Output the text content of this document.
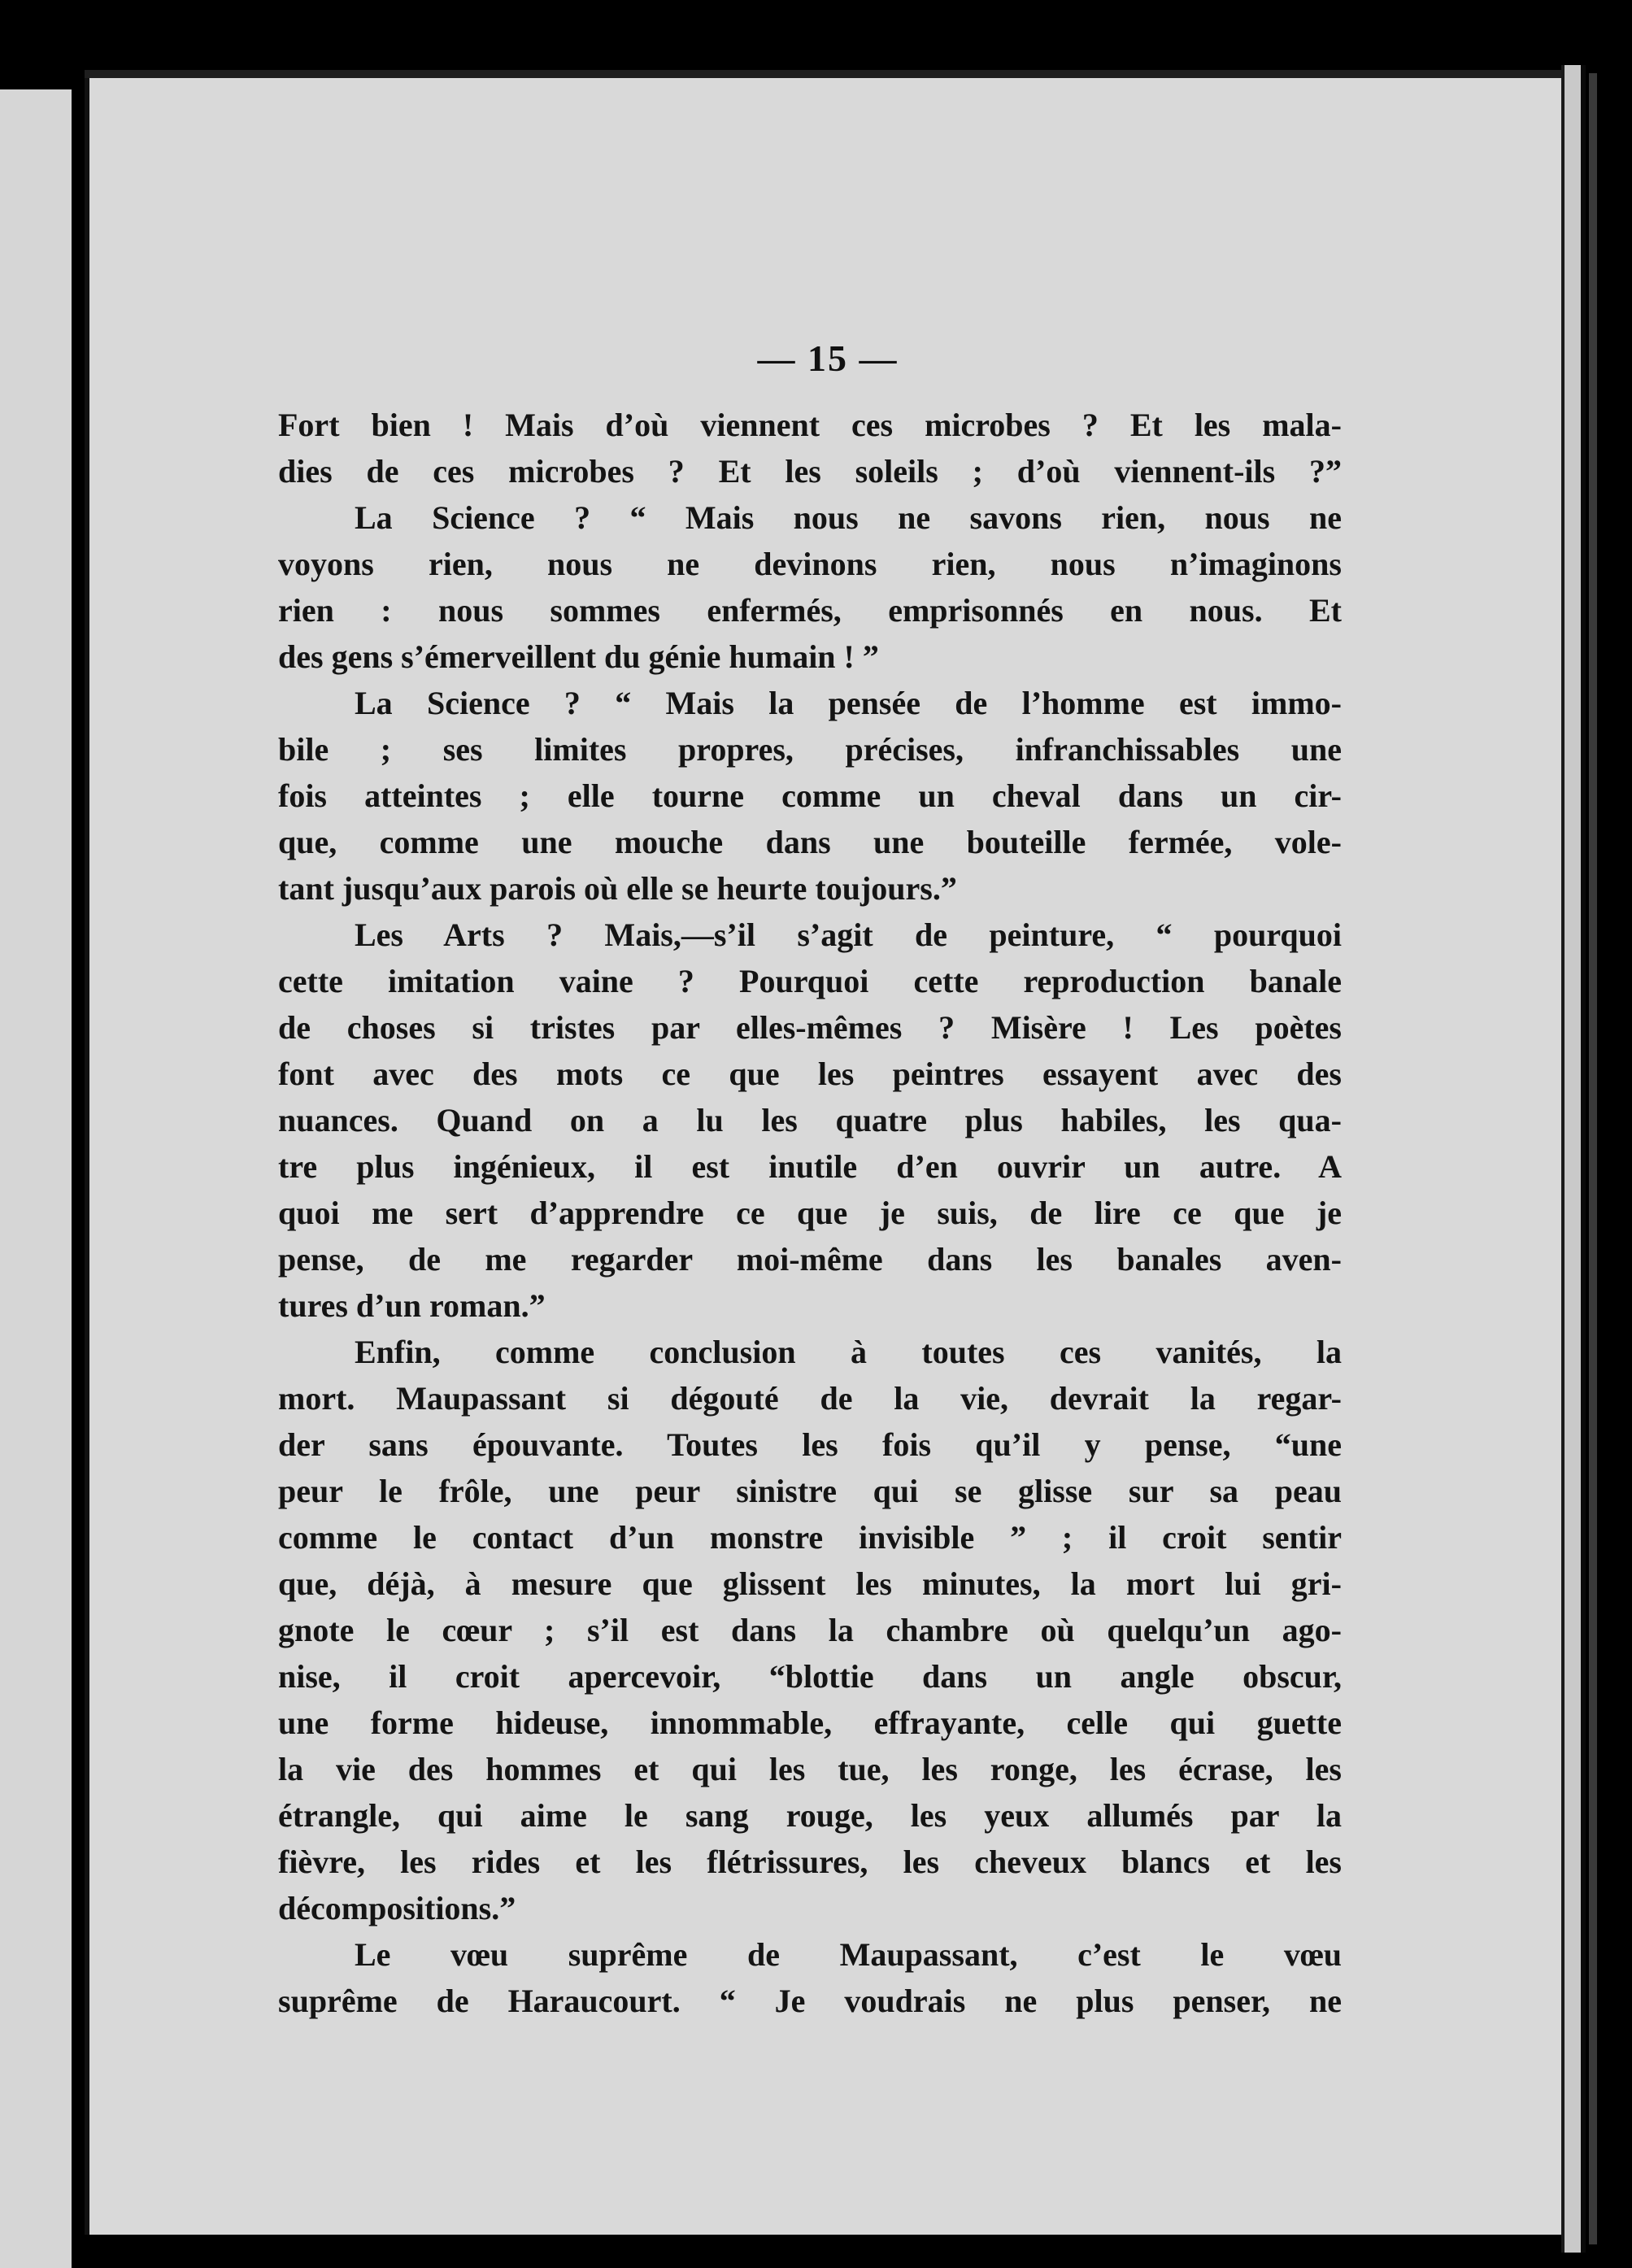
— 15 —
Fort bien ! Mais d’où viennent ces microbes ? Et les mala-
dies de ces microbes ? Et les soleils ; d’où viennent-ils ?”
La Science ? “ Mais nous ne savons rien, nous ne
voyons rien, nous ne devinons rien, nous n’imaginons
rien : nous sommes enfermés, emprisonnés en nous. Et
des gens s’émerveillent du génie humain ! ”
La Science ? “ Mais la pensée de l’homme est immo-
bile ; ses limites propres, précises, infranchissables une
fois atteintes ; elle tourne comme un cheval dans un cir-
que, comme une mouche dans une bouteille fermée, vole-
tant jusqu’aux parois où elle se heurte toujours.”
Les Arts ? Mais,—s’il s’agit de peinture, “ pourquoi
cette imitation vaine ? Pourquoi cette reproduction banale
de choses si tristes par elles-mêmes ? Misère ! Les poètes
font avec des mots ce que les peintres essayent avec des
nuances. Quand on a lu les quatre plus habiles, les qua-
tre plus ingénieux, il est inutile d’en ouvrir un autre. A
quoi me sert d’apprendre ce que je suis, de lire ce que je
pense, de me regarder moi-même dans les banales aven-
tures d’un roman.”
Enfin, comme conclusion à toutes ces vanités, la
mort. Maupassant si dégouté de la vie, devrait la regar-
der sans épouvante. Toutes les fois qu’il y pense, “une
peur le frôle, une peur sinistre qui se glisse sur sa peau
comme le contact d’un monstre invisible ” ; il croit sentir
que, déjà, à mesure que glissent les minutes, la mort lui gri-
gnote le cœur ; s’il est dans la chambre où quelqu’un ago-
nise, il croit apercevoir, “blottie dans un angle obscur,
une forme hideuse, innommable, effrayante, celle qui guette
la vie des hommes et qui les tue, les ronge, les écrase, les
étrangle, qui aime le sang rouge, les yeux allumés par la
fièvre, les rides et les flétrissures, les cheveux blancs et les
décompositions.”
Le vœu suprême de Maupassant, c’est le vœu
suprême de Haraucourt. “ Je voudrais ne plus penser, ne
